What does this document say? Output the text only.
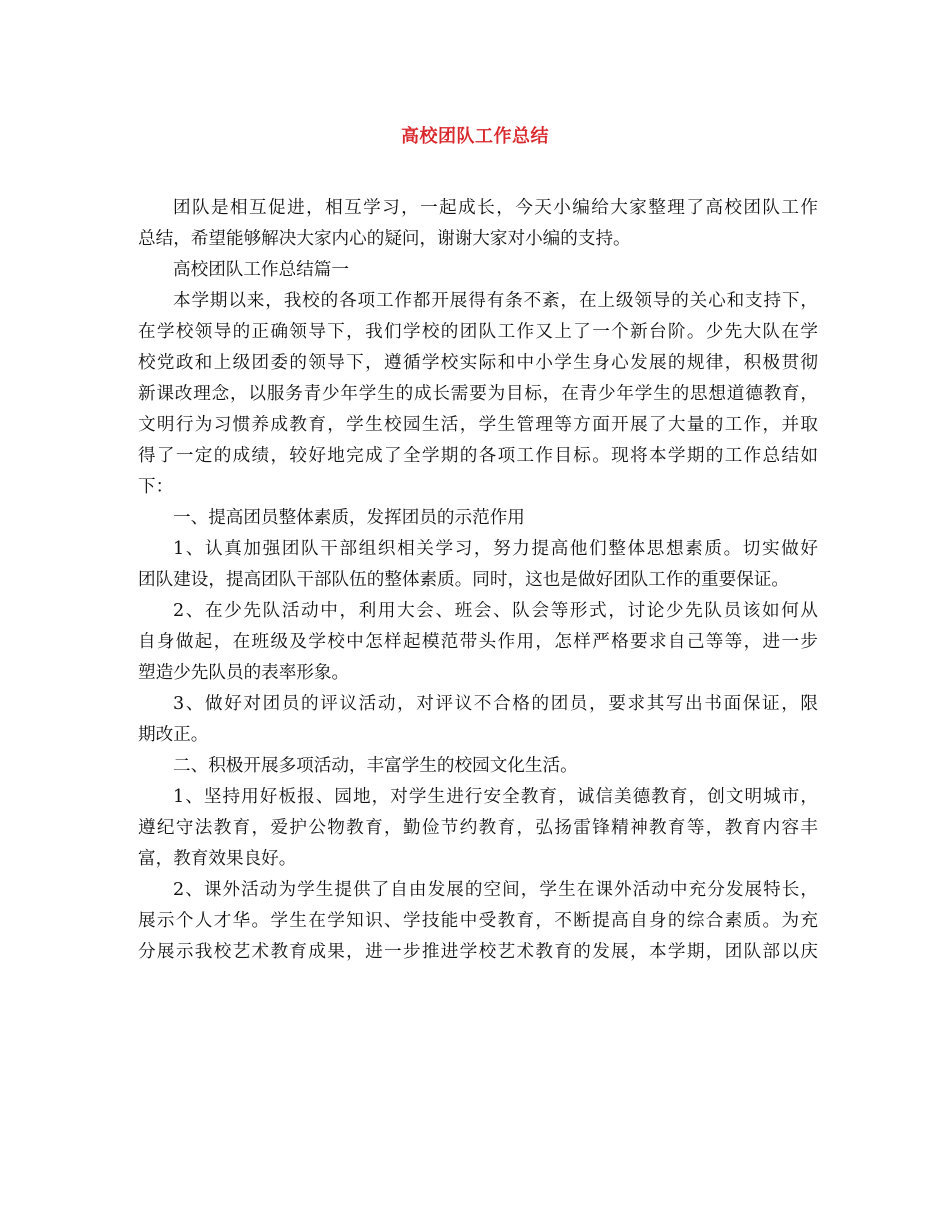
高校团队工作总结
团队是相互促进，相互学习，一起成长，今天小编给大家整理了高校团队工作
总结，希望能够解决大家内心的疑问，谢谢大家对小编的支持。
高校团队工作总结篇一
本学期以来，我校的各项工作都开展得有条不紊，在上级领导的关心和支持下，
在学校领导的正确领导下，我们学校的团队工作又上了一个新台阶。少先大队在学
校党政和上级团委的领导下，遵循学校实际和中小学生身心发展的规律，积极贯彻
新课改理念，以服务青少年学生的成长需要为目标，在青少年学生的思想道德教育，
文明行为习惯养成教育，学生校园生活，学生管理等方面开展了大量的工作，并取
得了一定的成绩，较好地完成了全学期的各项工作目标。现将本学期的工作总结如
下：
一、提高团员整体素质，发挥团员的示范作用
1、认真加强团队干部组织相关学习，努力提高他们整体思想素质。切实做好
团队建设，提高团队干部队伍的整体素质。同时，这也是做好团队工作的重要保证。
2、在少先队活动中，利用大会、班会、队会等形式，讨论少先队员该如何从
自身做起，在班级及学校中怎样起模范带头作用，怎样严格要求自己等等，进一步
塑造少先队员的表率形象。
3、做好对团员的评议活动，对评议不合格的团员，要求其写出书面保证，限
期改正。
二、积极开展多项活动，丰富学生的校园文化生活。
1、坚持用好板报、园地，对学生进行安全教育，诚信美德教育，创文明城市，
遵纪守法教育，爱护公物教育，勤俭节约教育，弘扬雷锋精神教育等，教育内容丰
富，教育效果良好。
2、课外活动为学生提供了自由发展的空间，学生在课外活动中充分发展特长，
展示个人才华。学生在学知识、学技能中受教育，不断提高自身的综合素质。为充
分展示我校艺术教育成果，进一步推进学校艺术教育的发展，本学期，团队部以庆
